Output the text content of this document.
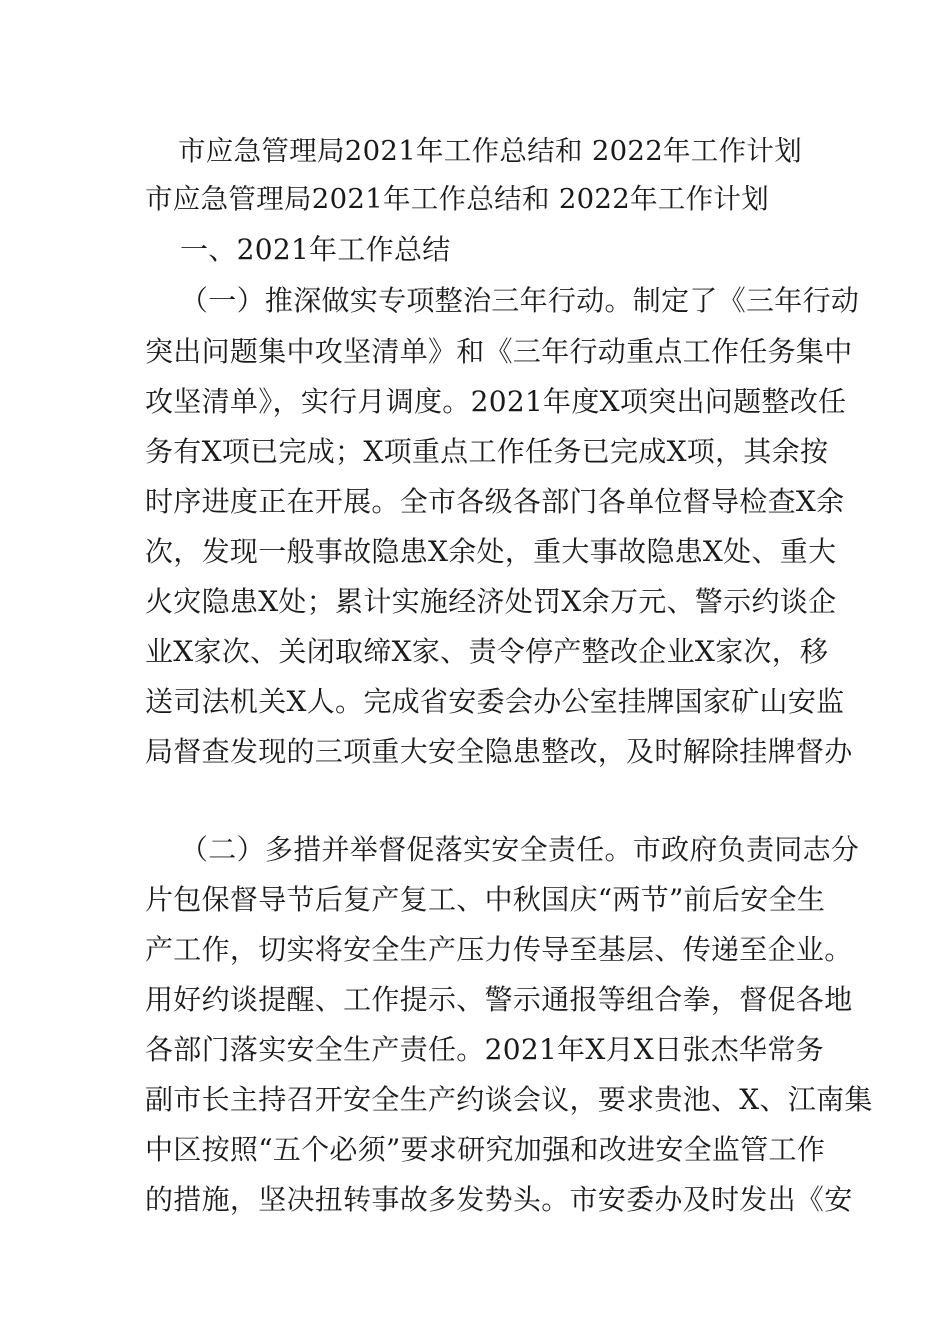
市应急管理局2021年工作总结和 2022年工作计划
市应急管理局2021年工作总结和 2022年工作计划
一、2021年工作总结
（一）推深做实专项整治三年行动。制定了《三年行动
突出问题集中攻坚清单》和《三年行动重点工作任务集中
攻坚清单》，实行月调度。2021年度X项突出问题整改任
务有X项已完成；X项重点工作任务已完成X项，其余按
时序进度正在开展。全市各级各部门各单位督导检查X余
次，发现一般事故隐患X余处，重大事故隐患X处、重大
火灾隐患X处；累计实施经济处罚X余万元、警示约谈企
业X家次、关闭取缔X家、责令停产整改企业X家次，移
送司法机关X人。完成省安委会办公室挂牌国家矿山安监
局督查发现的三项重大安全隐患整改，及时解除挂牌督办
（二）多措并举督促落实安全责任。市政府负责同志分
片包保督导节后复产复工、中秋国庆“两节”前后安全生
产工作，切实将安全生产压力传导至基层、传递至企业。
用好约谈提醒、工作提示、警示通报等组合拳，督促各地
各部门落实安全生产责任。2021年X月X日张杰华常务
副市长主持召开安全生产约谈会议，要求贵池、X、江南集
中区按照“五个必须”要求研究加强和改进安全监管工作
的措施，坚决扭转事故多发势头。市安委办及时发出《安
